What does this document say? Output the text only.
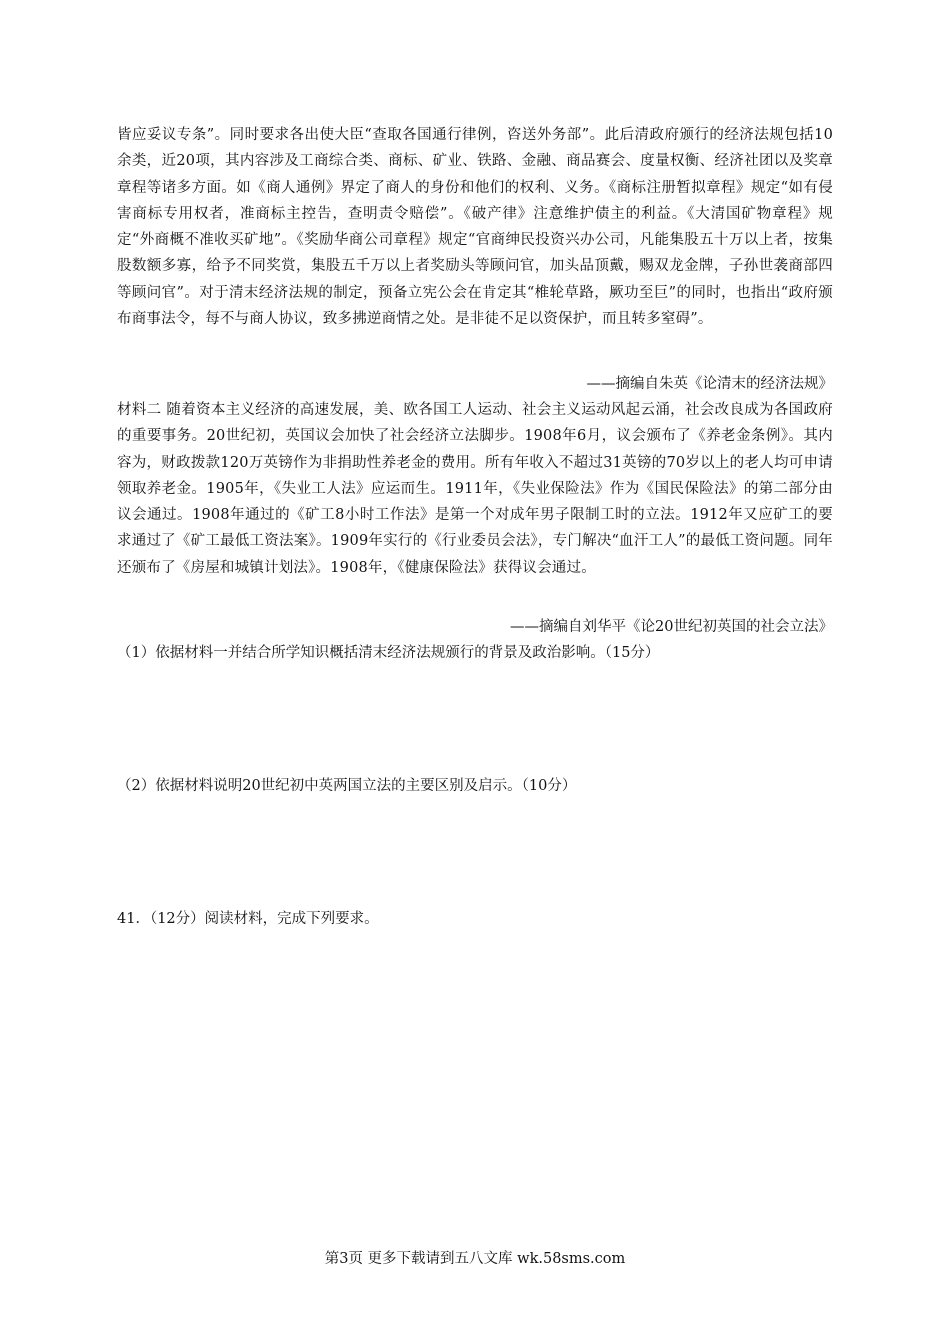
皆应妥议专条”。同时要求各出使大臣“查取各国通行律例，咨送外务部”。此后清政府颁行的经济法规包括10余类，近20项，其内容涉及工商综合类、商标、矿业、铁路、金融、商品赛会、度量权衡、经济社团以及奖章章程等诸多方面。如《商人通例》界定了商人的身份和他们的权利、义务。《商标注册暂拟章程》规定“如有侵害商标专用权者，准商标主控告，查明责令赔偿”。《破产律》注意维护债主的利益。《大清国矿物章程》规定“外商概不准收买矿地”。《奖励华商公司章程》规定“官商绅民投资兴办公司，凡能集股五十万以上者，按集股数额多寡，给予不同奖赏，集股五千万以上者奖励头等顾问官，加头品顶戴，赐双龙金牌，子孙世袭商部四等顾问官”。对于清末经济法规的制定，预备立宪公会在肯定其“椎轮草路，厥功至巨”的同时，也指出“政府颁布商事法令，每不与商人协议，致多拂逆商情之处。是非徒不足以资保护，而且转多窒碍”。

——摘编自朱英《论清末的经济法规》

材料二 随着资本主义经济的高速发展，美、欧各国工人运动、社会主义运动风起云涌，社会改良成为各国政府的重要事务。20世纪初，英国议会加快了社会经济立法脚步。1908年6月，议会颁布了《养老金条例》。其内容为，财政拨款120万英镑作为非捐助性养老金的费用。所有年收入不超过31英镑的70岁以上的老人均可申请领取养老金。1905年，《失业工人法》应运而生。1911年，《失业保险法》作为《国民保险法》的第二部分由议会通过。1908年通过的《矿工8小时工作法》是第一个对成年男子限制工时的立法。1912年又应矿工的要求通过了《矿工最低工资法案》。1909年实行的《行业委员会法》，专门解决“血汗工人”的最低工资问题。同年还颁布了《房屋和城镇计划法》。1908年，《健康保险法》获得议会通过。

——摘编自刘华平《论20世纪初英国的社会立法》
（1）依据材料一并结合所学知识概括清末经济法规颁行的背景及政治影响。（15分）
（2）依据材料说明20世纪初中英两国立法的主要区别及启示。（10分）
41．（12分）阅读材料，完成下列要求。
第3页 更多下载请到五八文库 wk.58sms.com
